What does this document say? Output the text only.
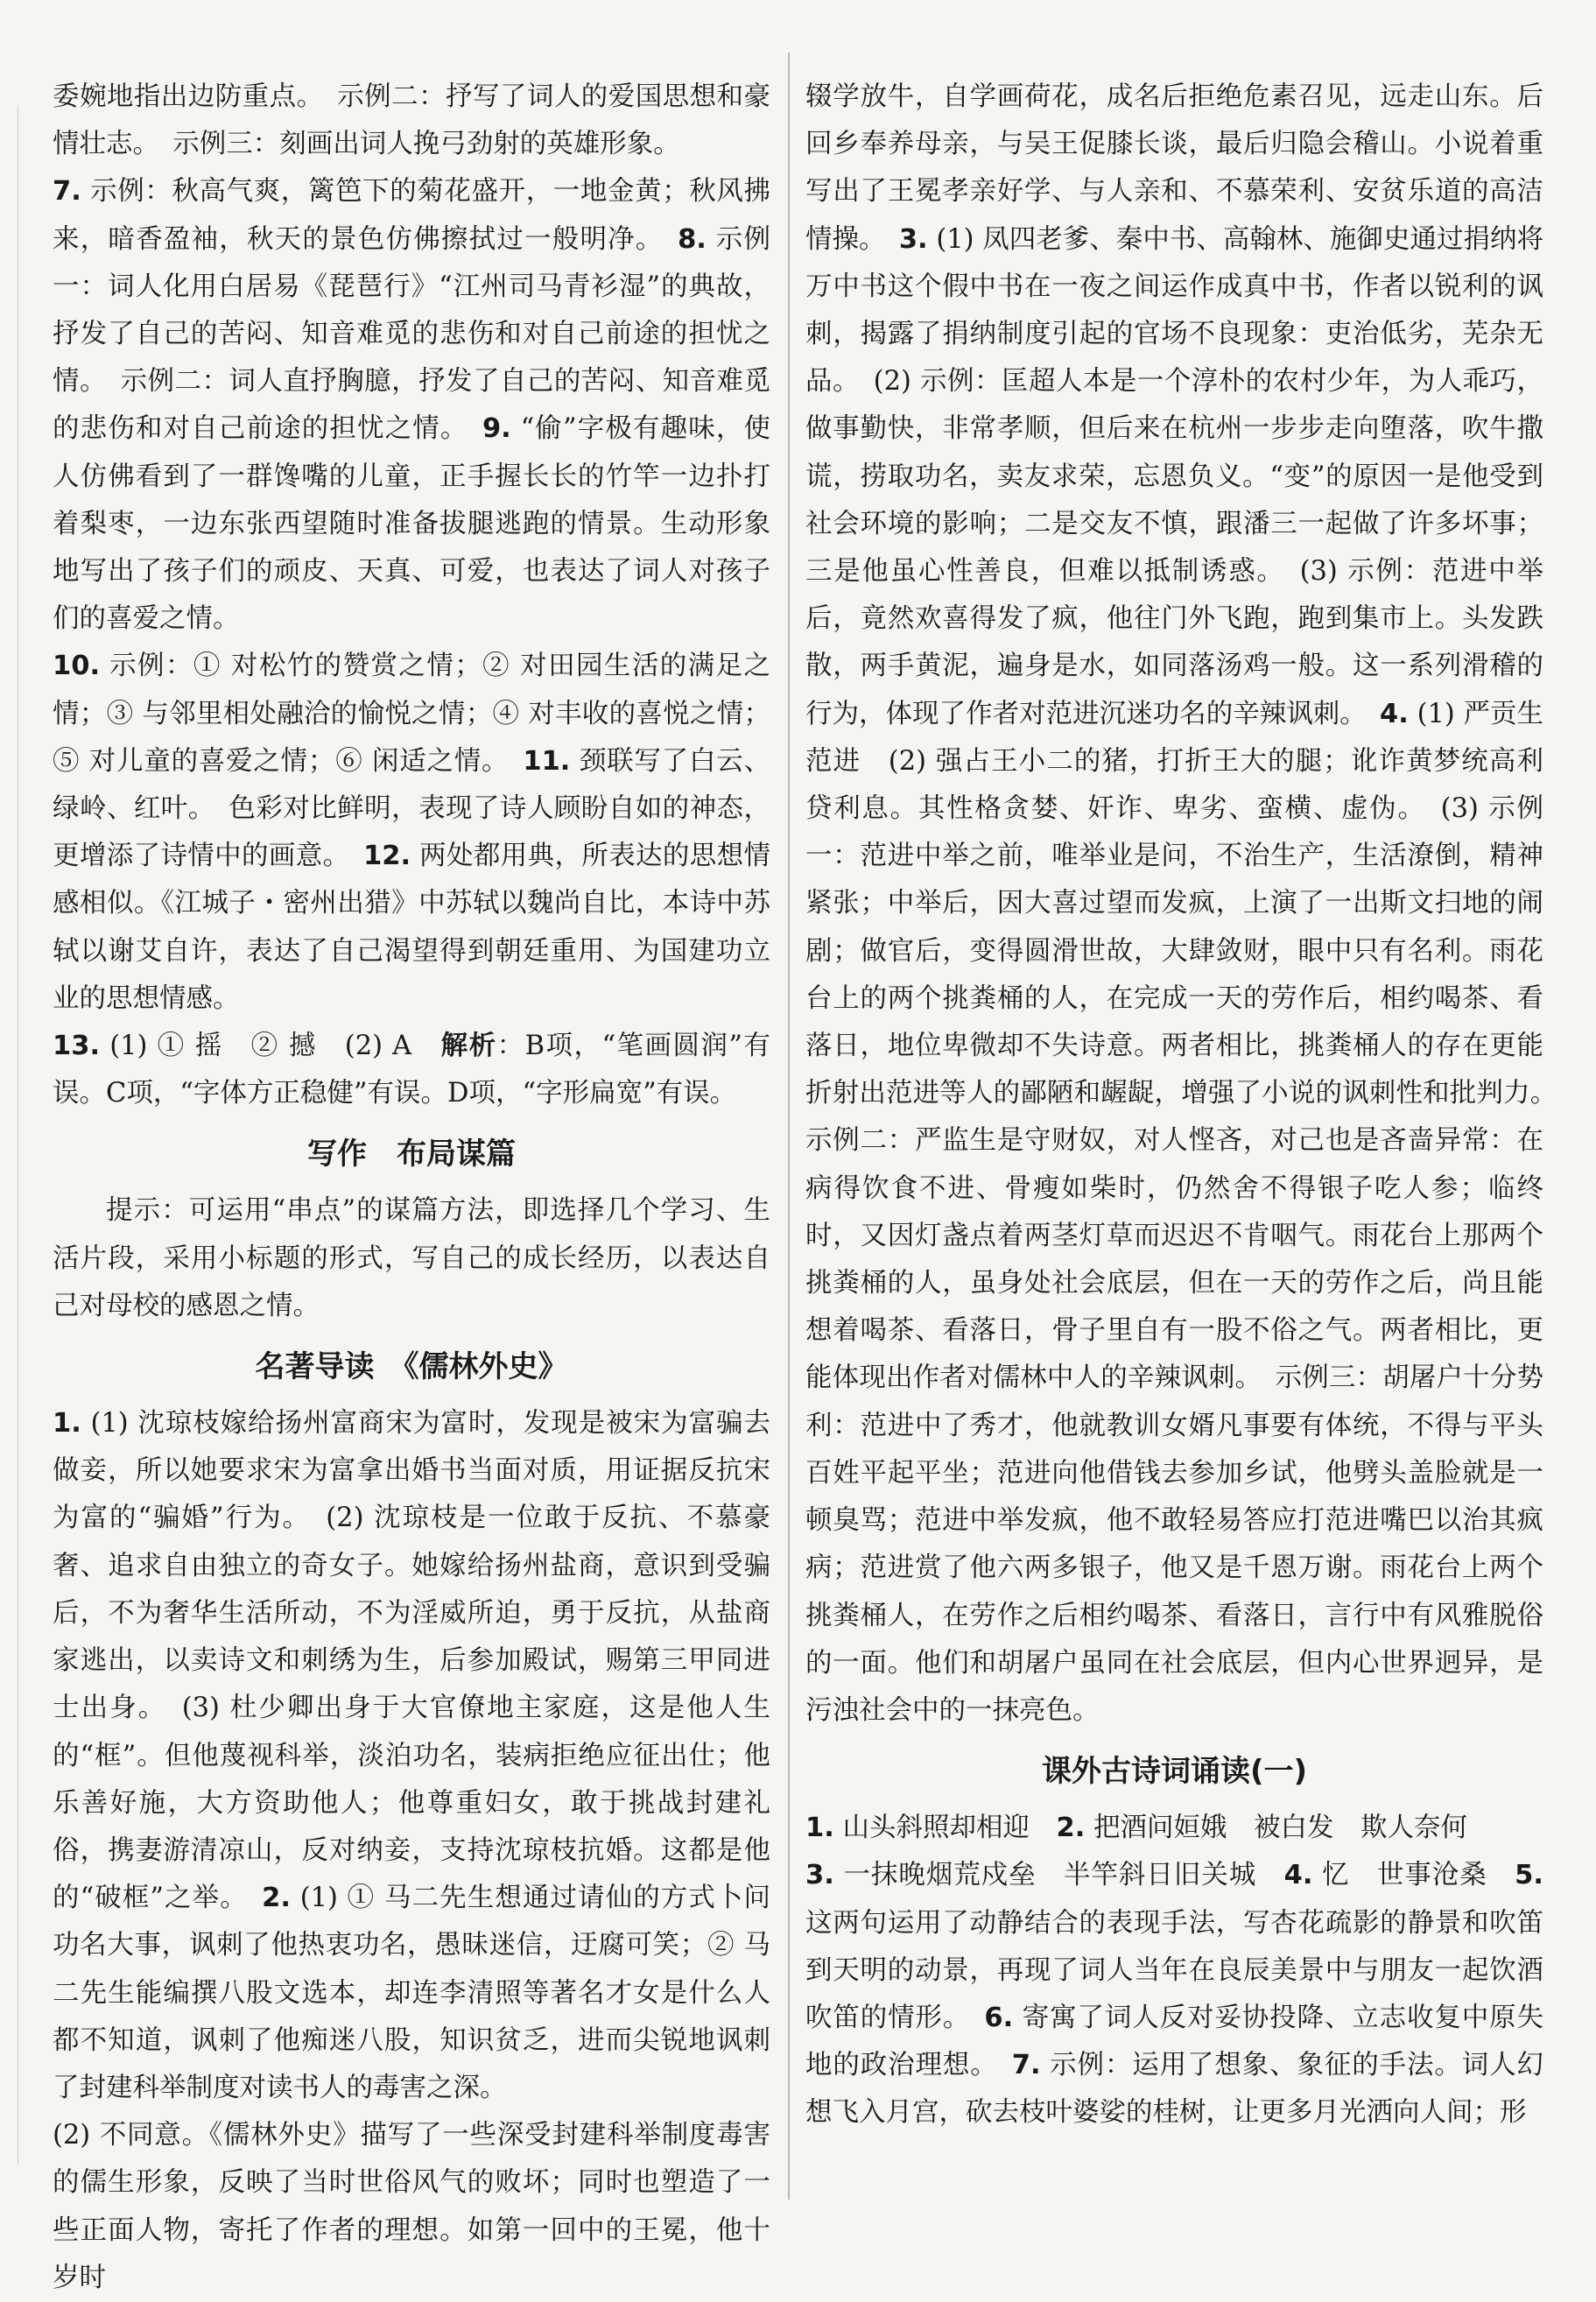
委婉地指出边防重点。　示例二：抒写了词人的爱国思想和豪情壮志。　示例三：刻画出词人挽弓劲射的英雄形象。

7. 示例：秋高气爽，篱笆下的菊花盛开，一地金黄；秋风拂来，暗香盈袖，秋天的景色仿佛擦拭过一般明净。　8. 示例一：词人化用白居易《琵琶行》“江州司马青衫湿”的典故，抒发了自己的苦闷、知音难觅的悲伤和对自己前途的担忧之情。　示例二：词人直抒胸臆，抒发了自己的苦闷、知音难觅的悲伤和对自己前途的担忧之情。　9. “偷”字极有趣味，使人仿佛看到了一群馋嘴的儿童，正手握长长的竹竿一边扑打着梨枣，一边东张西望随时准备拔腿逃跑的情景。生动形象地写出了孩子们的顽皮、天真、可爱，也表达了词人对孩子们的喜爱之情。

10. 示例：① 对松竹的赞赏之情；② 对田园生活的满足之情；③ 与邻里相处融洽的愉悦之情；④ 对丰收的喜悦之情；⑤ 对儿童的喜爱之情；⑥ 闲适之情。　11. 颈联写了白云、绿岭、红叶。　色彩对比鲜明，表现了诗人顾盼自如的神态，更增添了诗情中的画意。　12. 两处都用典，所表达的思想情感相似。《江城子・密州出猎》中苏轼以魏尚自比，本诗中苏轼以谢艾自许，表达了自己渴望得到朝廷重用、为国建功立业的思想情感。

13. (1) ① 摇　② 撼　(2) A　解析：B项，“笔画圆润”有误。C项，“字体方正稳健”有误。D项，“字形扁宽”有误。

写作　布局谋篇

提示：可运用“串点”的谋篇方法，即选择几个学习、生活片段，采用小标题的形式，写自己的成长经历，以表达自己对母校的感恩之情。

名著导读　《儒林外史》

1. (1) 沈琼枝嫁给扬州富商宋为富时，发现是被宋为富骗去做妾，所以她要求宋为富拿出婚书当面对质，用证据反抗宋为富的“骗婚”行为。　(2) 沈琼枝是一位敢于反抗、不慕豪奢、追求自由独立的奇女子。她嫁给扬州盐商，意识到受骗后，不为奢华生活所动，不为淫威所迫，勇于反抗，从盐商家逃出，以卖诗文和刺绣为生，后参加殿试，赐第三甲同进士出身。　(3) 杜少卿出身于大官僚地主家庭，这是他人生的“框”。但他蔑视科举，淡泊功名，装病拒绝应征出仕；他乐善好施，大方资助他人；他尊重妇女，敢于挑战封建礼俗，携妻游清凉山，反对纳妾，支持沈琼枝抗婚。这都是他的“破框”之举。　2. (1) ① 马二先生想通过请仙的方式卜问功名大事，讽刺了他热衷功名，愚昧迷信，迂腐可笑；② 马二先生能编撰八股文选本，却连李清照等著名才女是什么人都不知道，讽刺了他痴迷八股，知识贫乏，进而尖锐地讽刺了封建科举制度对读书人的毒害之深。

(2) 不同意。《儒林外史》描写了一些深受封建科举制度毒害的儒生形象，反映了当时世俗风气的败坏；同时也塑造了一些正面人物，寄托了作者的理想。如第一回中的王冕，他十岁时

辍学放牛，自学画荷花，成名后拒绝危素召见，远走山东。后回乡奉养母亲，与吴王促膝长谈，最后归隐会稽山。小说着重写出了王冕孝亲好学、与人亲和、不慕荣利、安贫乐道的高洁情操。　3. (1) 凤四老爹、秦中书、高翰林、施御史通过捐纳将万中书这个假中书在一夜之间运作成真中书，作者以锐利的讽刺，揭露了捐纳制度引起的官场不良现象：吏治低劣，芜杂无品。　(2) 示例：匡超人本是一个淳朴的农村少年，为人乖巧，做事勤快，非常孝顺，但后来在杭州一步步走向堕落，吹牛撒谎，捞取功名，卖友求荣，忘恩负义。“变”的原因一是他受到社会环境的影响；二是交友不慎，跟潘三一起做了许多坏事；三是他虽心性善良，但难以抵制诱惑。　(3) 示例：范进中举后，竟然欢喜得发了疯，他往门外飞跑，跑到集市上。头发跌散，两手黄泥，遍身是水，如同落汤鸡一般。这一系列滑稽的行为，体现了作者对范进沉迷功名的辛辣讽刺。　4. (1) 严贡生　范进　(2) 强占王小二的猪，打折王大的腿；讹诈黄梦统高利贷利息。其性格贪婪、奸诈、卑劣、蛮横、虚伪。　(3) 示例一：范进中举之前，唯举业是问，不治生产，生活潦倒，精神紧张；中举后，因大喜过望而发疯，上演了一出斯文扫地的闹剧；做官后，变得圆滑世故，大肆敛财，眼中只有名利。雨花台上的两个挑粪桶的人，在完成一天的劳作后，相约喝茶、看落日，地位卑微却不失诗意。两者相比，挑粪桶人的存在更能折射出范进等人的鄙陋和龌龊，增强了小说的讽刺性和批判力。　示例二：严监生是守财奴，对人悭吝，对己也是吝啬异常：在病得饮食不进、骨瘦如柴时，仍然舍不得银子吃人参；临终时，又因灯盏点着两茎灯草而迟迟不肯咽气。雨花台上那两个挑粪桶的人，虽身处社会底层，但在一天的劳作之后，尚且能想着喝茶、看落日，骨子里自有一股不俗之气。两者相比，更能体现出作者对儒林中人的辛辣讽刺。　示例三：胡屠户十分势利：范进中了秀才，他就教训女婿凡事要有体统，不得与平头百姓平起平坐；范进向他借钱去参加乡试，他劈头盖脸就是一顿臭骂；范进中举发疯，他不敢轻易答应打范进嘴巴以治其疯病；范进赏了他六两多银子，他又是千恩万谢。雨花台上两个挑粪桶人，在劳作之后相约喝茶、看落日，言行中有风雅脱俗的一面。他们和胡屠户虽同在社会底层，但内心世界迥异，是污浊社会中的一抹亮色。

课外古诗词诵读(一)

1. 山头斜照却相迎　2. 把酒问姮娥　被白发　欺人奈何

3. 一抹晚烟荒戍垒　半竿斜日旧关城　4. 忆　世事沧桑　5. 这两句运用了动静结合的表现手法，写杏花疏影的静景和吹笛到天明的动景，再现了词人当年在良辰美景中与朋友一起饮酒吹笛的情形。　6. 寄寓了词人反对妥协投降、立志收复中原失地的政治理想。　7. 示例：运用了想象、象征的手法。词人幻想飞入月宫，砍去枝叶婆娑的桂树，让更多月光洒向人间；形
